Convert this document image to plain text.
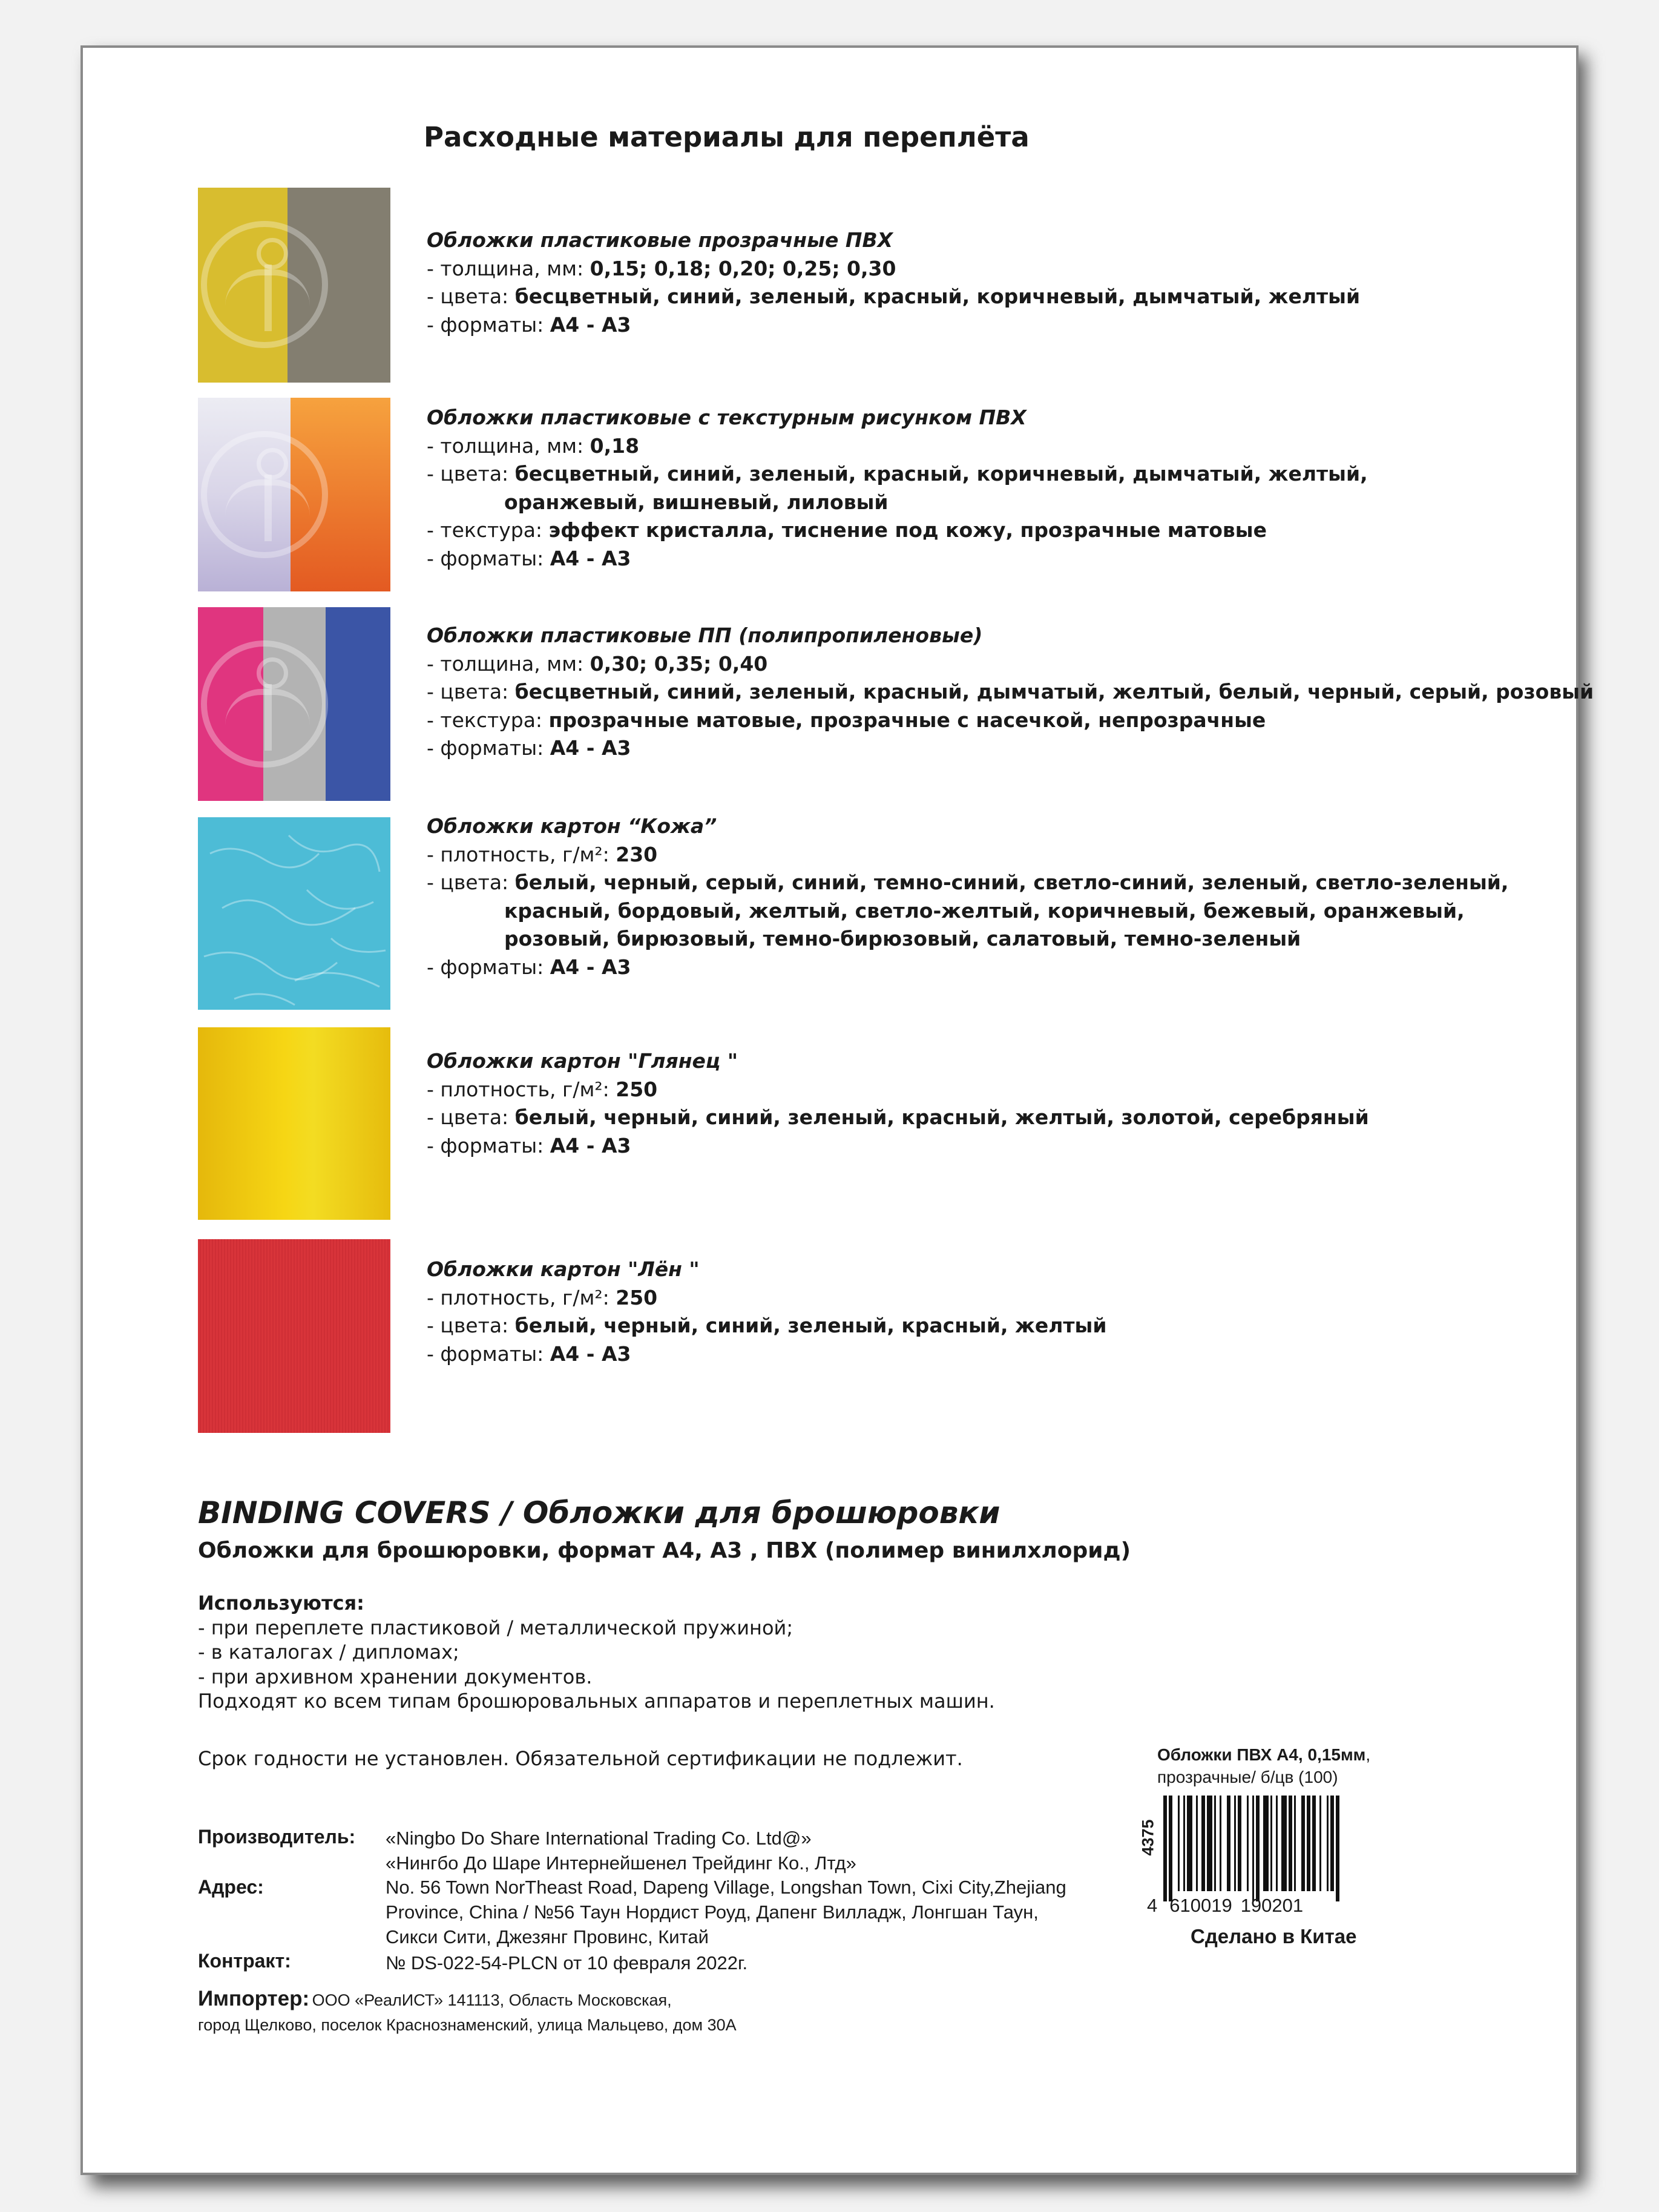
Расходные материалы для переплёта
Обложки пластиковые прозрачные ПВХ
- толщина, мм: 0,15; 0,18; 0,20; 0,25; 0,30
- цвета: бесцветный, синий, зеленый, красный, коричневый, дымчатый, желтый
- форматы: А4 - А3
Обложки пластиковые с текстурным рисунком ПВХ
- толщина, мм: 0,18
- цвета: бесцветный, синий, зеленый, красный, коричневый, дымчатый, желтый,
оранжевый, вишневый, лиловый
- текстура: эффект кристалла, тиснение под кожу, прозрачные матовые
- форматы: А4 - А3
Обложки пластиковые ПП (полипропиленовые)
- толщина, мм: 0,30; 0,35; 0,40
- цвета: бесцветный, синий, зеленый, красный, дымчатый, желтый, белый, черный, серый, розовый
- текстура: прозрачные матовые, прозрачные с насечкой, непрозрачные
- форматы: А4 - А3
Обложки картон “Кожа”
- плотность, г/м²: 230
- цвета: белый, черный, серый, синий, темно-синий, светло-синий, зеленый, светло-зеленый,
красный, бордовый, желтый, светло-желтый, коричневый, бежевый, оранжевый,
розовый, бирюзовый, темно-бирюзовый, салатовый, темно-зеленый
- форматы: А4 - А3
Обложки картон "Глянец "
- плотность, г/м²: 250
- цвета: белый, черный, синий, зеленый, красный, желтый, золотой, серебряный
- форматы: А4 - А3
Обложки картон "Лён "
- плотность, г/м²: 250
- цвета: белый, черный, синий, зеленый, красный, желтый
- форматы: А4 - А3
BINDING COVERS / Обложки для брошюровки
Обложки для брошюровки, формат А4, А3 , ПВХ (полимер винилхлорид)
Используются:
- при переплете пластиковой / металлической пружиной;
- в каталогах / дипломах;
- при архивном хранении документов.
Подходят ко всем типам брошюровальных аппаратов и переплетных машин.
Срок годности не установлен. Обязательной сертификации не подлежит.
Производитель: «Ningbo Do Share International Trading Co. Ltd@»
«Нингбо До Шаре Интернейшенел Трейдинг Ко., Лтд»
Адрес:	No. 56 Town NorTheast Road, Dapeng Village, Longshan Town, Cixi City,Zhejiang
Province, China / №56 Таун Нордист Роуд, Дапенг Вилладж, Лонгшан Таун,
Сикси Сити, Джезянг Провинс, Китай
Контракт:	№ DS-022-54-PLCN от 10 февраля 2022г.
Импортер: ООО «РеалИСТ» 141113, Область Московская,
город Щелково, поселок Краснознаменский, улица Мальцево, дом 30А
Обложки ПВХ А4, 0,15мм,
прозрачные/ б/цв (100)
4375
4 610019 190201
Сделано в Китае
